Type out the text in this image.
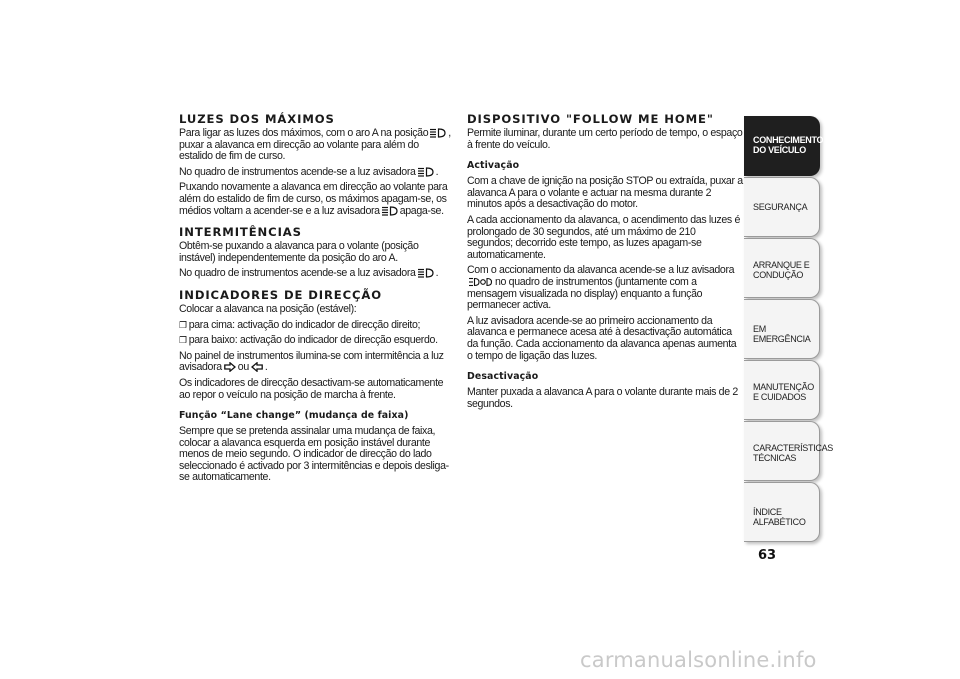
LUZES DOS MÁXIMOS
Para ligar as luzes dos máximos, com o aro A na posição , puxar a alavanca em direcção ao volante para além do estalido de fim de curso.
No quadro de instrumentos acende-se a luz avisadora .
Puxando novamente a alavanca em direcção ao volante para além do estalido de fim de curso, os máximos apagam-se, os médios voltam a acender-se e a luz avisadora apaga-se.
INTERMITÊNCIAS
Obtêm-se puxando a alavanca para o volante (posição instável) independentemente da posição do aro A.
No quadro de instrumentos acende-se a luz avisadora .
INDICADORES DE DIRECÇÃO
Colocar a alavanca na posição (estável):
❐ para cima: activação do indicador de direcção direito;
❐ para baixo: activação do indicador de direcção esquerdo.
No painel de instrumentos ilumina-se com intermitência a luz avisadora ou .
Os indicadores de direcção desactivam-se automaticamente ao repor o veículo na posição de marcha à frente.
Função “Lane change” (mudança de faixa)
Sempre que se pretenda assinalar uma mudança de faixa, colocar a alavanca esquerda em posição instável durante menos de meio segundo. O indicador de direcção do lado seleccionado é activado por 3 intermitências e depois desliga-se automaticamente.
DISPOSITIVO "FOLLOW ME HOME"
Permite iluminar, durante um certo período de tempo, o espaço à frente do veículo.
Activação
Com a chave de ignição na posição STOP ou extraída, puxar a alavanca A para o volante e actuar na mesma durante 2 minutos após a desactivação do motor.
A cada accionamento da alavanca, o acendimento das luzes é prolongado de 30 segundos, até um máximo de 210 segundos; decorrido este tempo, as luzes apagam-se automaticamente.
Com o accionamento da alavanca acende-se a luz avisadora
no quadro de instrumentos (juntamente com a mensagem visualizada no display) enquanto a função permanecer activa.
A luz avisadora acende-se ao primeiro accionamento da alavanca e permanece acesa até à desactivação automática da função. Cada accionamento da alavanca apenas aumenta o tempo de ligação das luzes.
Desactivação
Manter puxada a alavanca A para o volante durante mais de 2 segundos.
CONHECIMENTO DO VEÍCULO
SEGURANÇA
ARRANQUE E CONDUÇÃO
EM EMERGÊNCIA
MANUTENÇÃO E CUIDADOS
CARACTERÍSTICAS TÉCNICAS
ÍNDICE ALFABÉTICO
63
carmanualsonline.info
